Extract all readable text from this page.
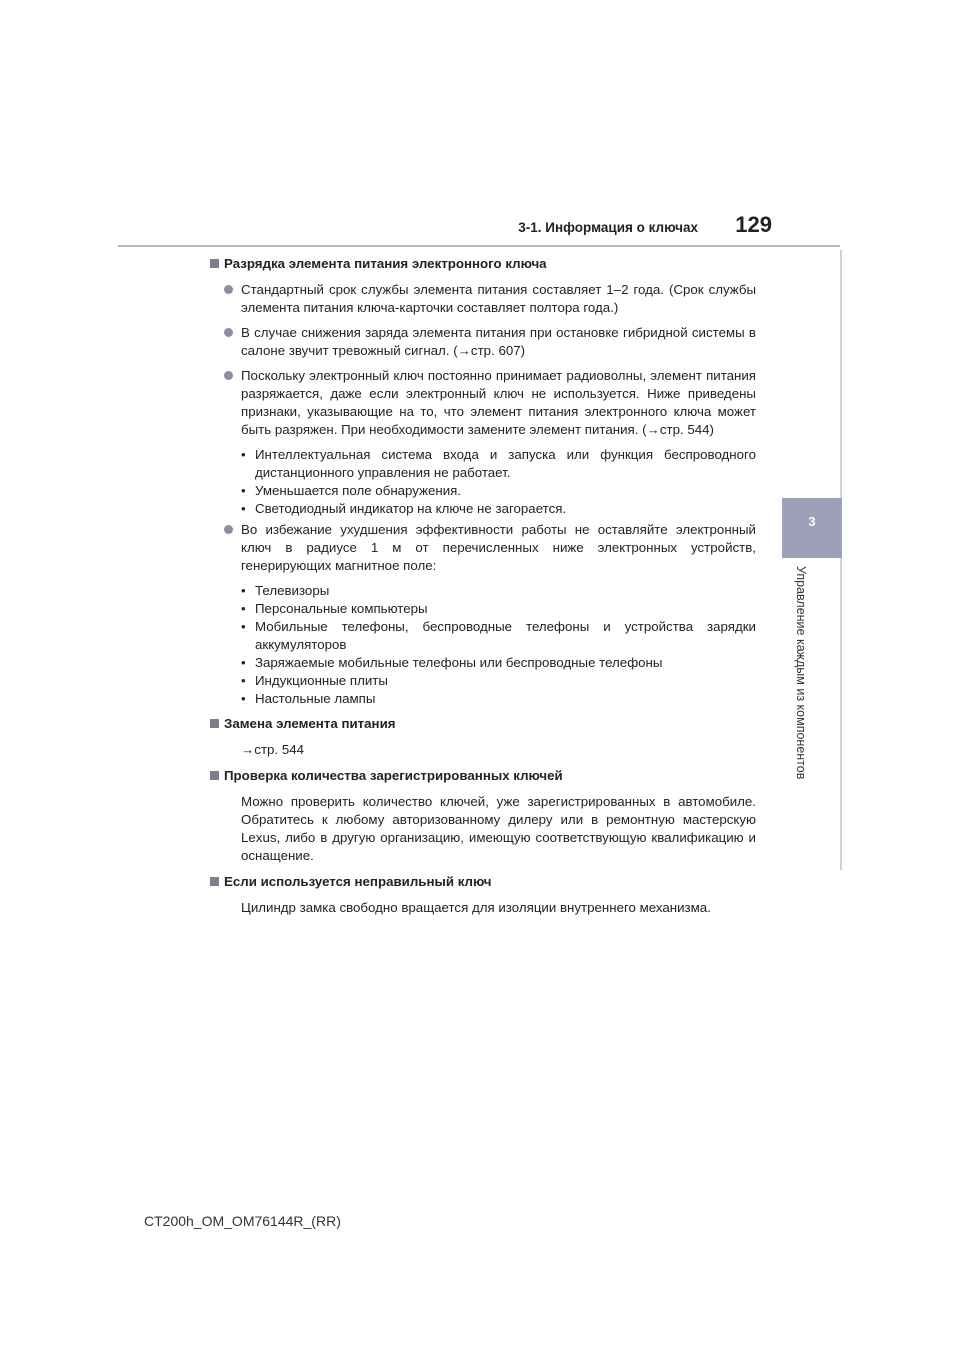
3-1. Информация о ключах 129
3
Управление каждым из компонентов
Разрядка элемента питания электронного ключа
Стандартный срок службы элемента питания составляет 1–2 года. (Срок службы элемента питания ключа-карточки составляет полтора года.)
В случае снижения заряда элемента питания при остановке гибридной системы в салоне звучит тревожный сигнал. (→стр. 607)
Поскольку электронный ключ постоянно принимает радиоволны, элемент питания разряжается, даже если электронный ключ не используется. Ниже приведены признаки, указывающие на то, что элемент питания электронного ключа может быть разряжен. При необходимости замените элемент питания. (→стр. 544)
• Интеллектуальная система входа и запуска или функция беспроводного дистанционного управления не работает.
• Уменьшается поле обнаружения.
• Светодиодный индикатор на ключе не загорается.
Во избежание ухудшения эффективности работы не оставляйте электронный ключ в радиусе 1 м от перечисленных ниже электронных устройств, генерирующих магнитное поле:
• Телевизоры
• Персональные компьютеры
• Мобильные телефоны, беспроводные телефоны и устройства зарядки аккумуляторов
• Заряжаемые мобильные телефоны или беспроводные телефоны
• Индукционные плиты
• Настольные лампы
Замена элемента питания
→стр. 544
Проверка количества зарегистрированных ключей
Можно проверить количество ключей, уже зарегистрированных в автомобиле. Обратитесь к любому авторизованному дилеру или в ремонтную мастерскую Lexus, либо в другую организацию, имеющую соответствующую квалификацию и оснащение.
Если используется неправильный ключ
Цилиндр замка свободно вращается для изоляции внутреннего механизма.
CT200h_OM_OM76144R_(RR)
